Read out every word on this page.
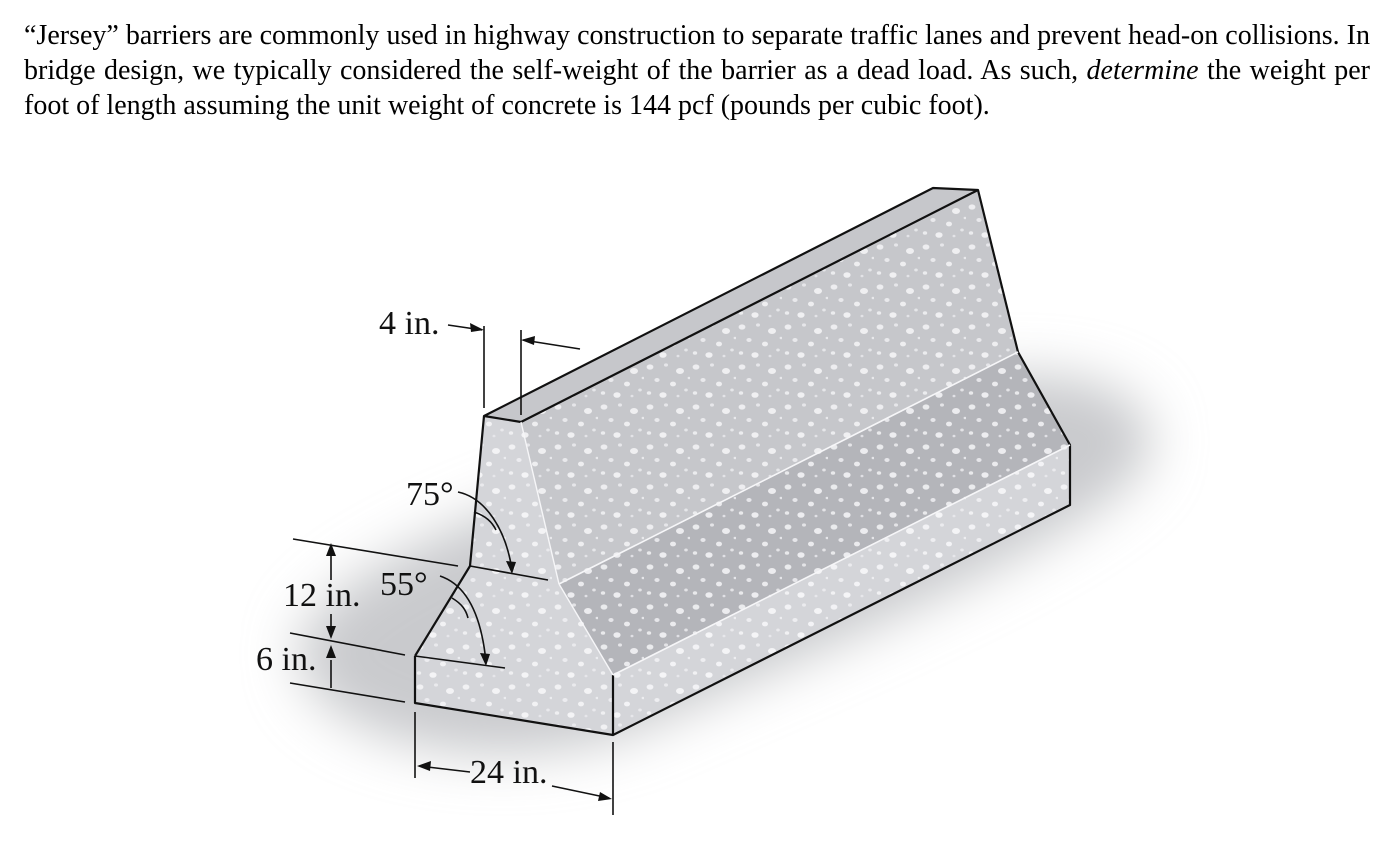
“Jersey” barriers are commonly used in highway construction to separate traffic lanes and prevent head-on collisions. In bridge design, we typically considered the self-weight of the barrier as a dead load. As such, determine the weight per foot of length assuming the unit weight of concrete is 144 pcf (pounds per cubic foot).

4 in.
75°
55°
12 in.
6 in.
24 in.
